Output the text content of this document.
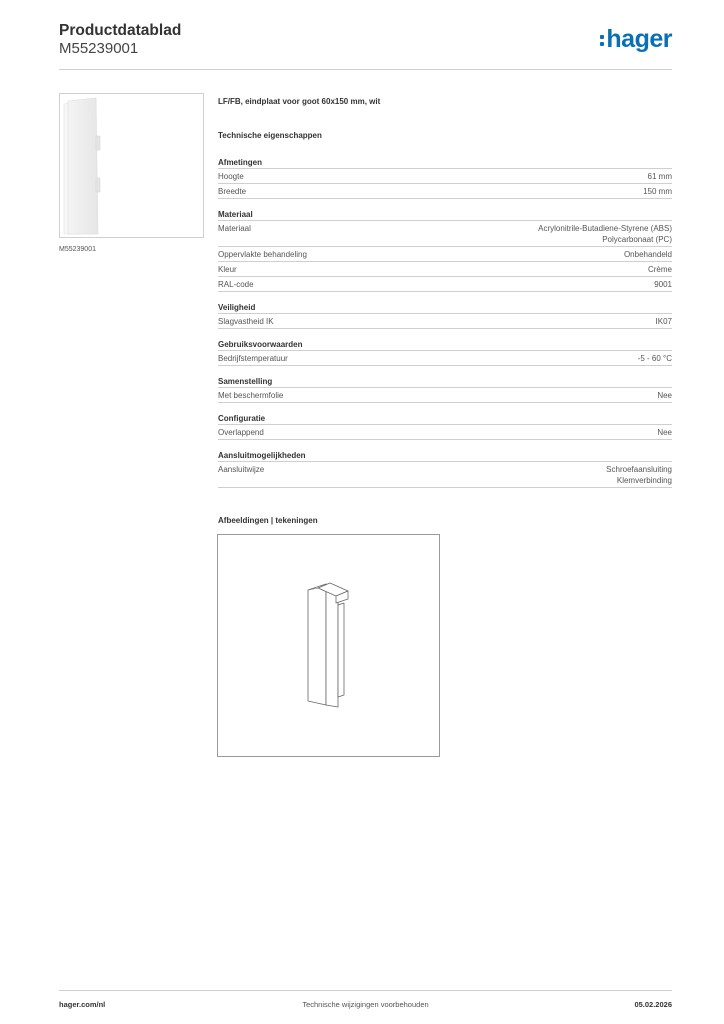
Productdatablad
M55239001	hager
M55239001
LF/FB, eindplaat voor goot 60x150 mm, wit
Technische eigenschappen
Afmetingen
Hoogte	61 mm
Breedte	150 mm
Materiaal
Materiaal	Acrylonitrile-Butadiene-Styrene (ABS)
Polycarbonaat (PC)
Oppervlakte behandeling	Onbehandeld
Kleur	Crème
RAL-code	9001
Veiligheid
Slagvastheid IK	IK07
Gebruiksvoorwaarden
Bedrijfstemperatuur	-5 - 60 °C
Samenstelling
Met beschermfolie	Nee
Configuratie
Overlappend	Nee
Aansluitmogelijkheden
Aansluitwijze	Schroefaansluiting
Klemverbinding
Afbeeldingen | tekeningen
hager.com/nl	Technische wijzigingen voorbehouden	05.02.2026
